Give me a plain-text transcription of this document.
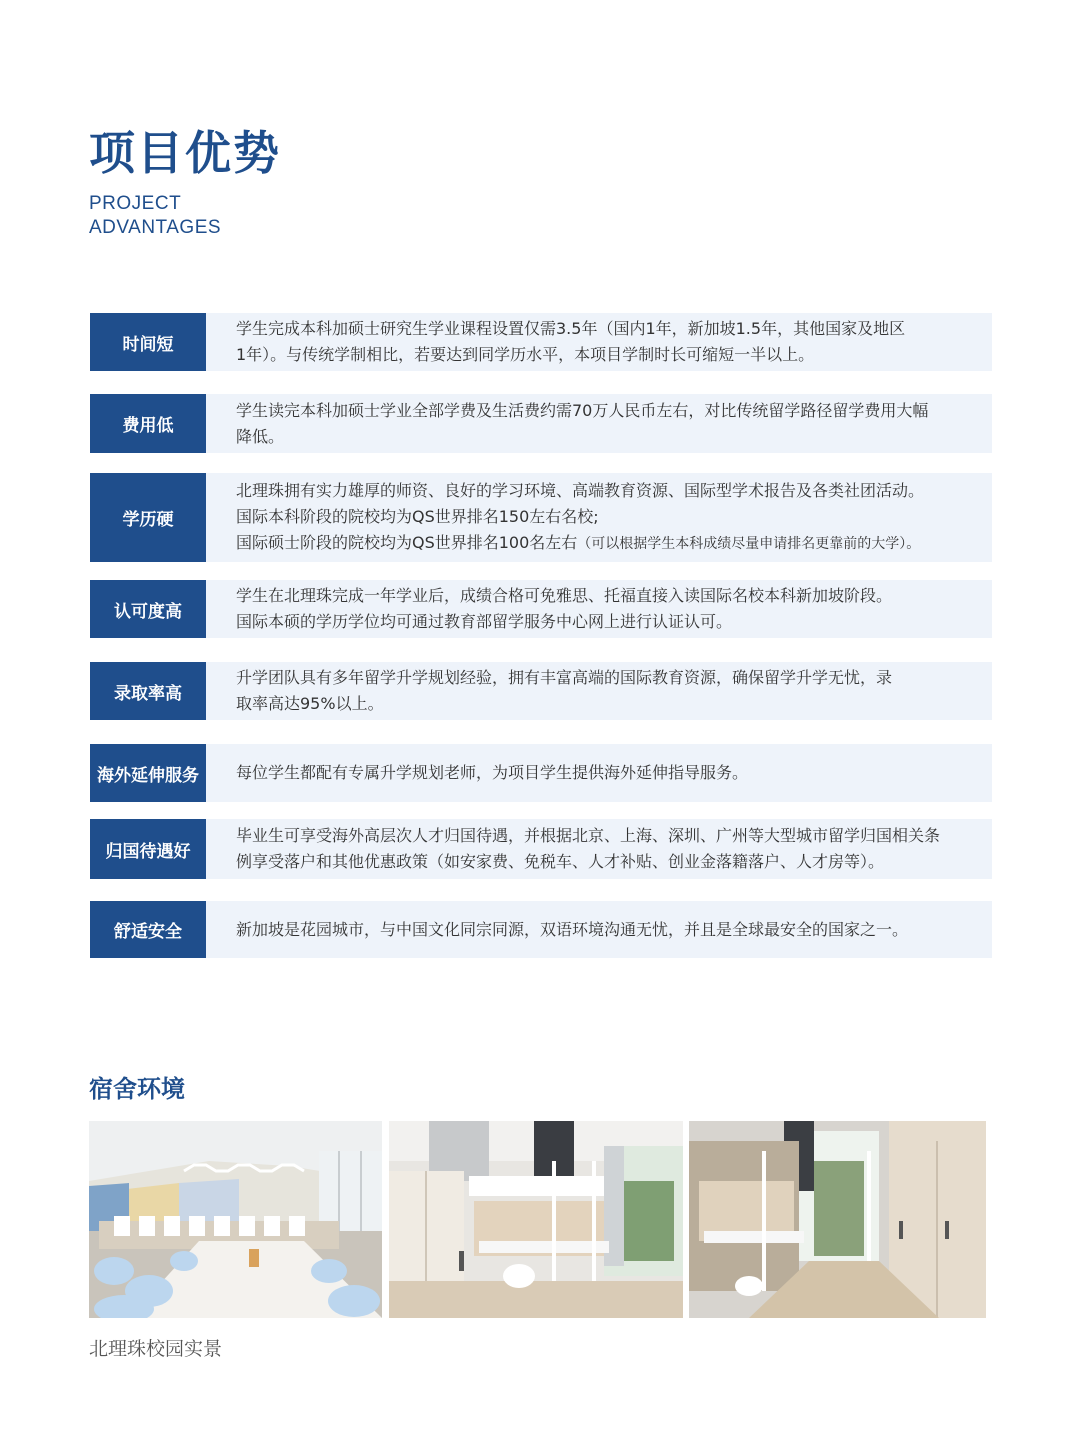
项目优势
PROJECT
ADVANTAGES
时间短
学生完成本科加硕士研究生学业课程设置仅需3.5年（国内1年，新加坡1.5年，其他国家及地区
1年）。与传统学制相比，若要达到同学历水平，本项目学制时长可缩短一半以上。
费用低
学生读完本科加硕士学业全部学费及生活费约需70万人民币左右，对比传统留学路径留学费用大幅
降低。
学历硬
北理珠拥有实力雄厚的师资、良好的学习环境、高端教育资源、国际型学术报告及各类社团活动。
国际本科阶段的院校均为QS世界排名150左右名校;
国际硕士阶段的院校均为QS世界排名100名左右（可以根据学生本科成绩尽量申请排名更靠前的大学）。
认可度高
学生在北理珠完成一年学业后，成绩合格可免雅思、托福直接入读国际名校本科新加坡阶段。
国际本硕的学历学位均可通过教育部留学服务中心网上进行认证认可。
录取率高
升学团队具有多年留学升学规划经验，拥有丰富高端的国际教育资源，确保留学升学无忧，录
取率高达95%以上。
海外延伸服务	每位学生都配有专属升学规划老师，为项目学生提供海外延伸指导服务。
归国待遇好
毕业生可享受海外高层次人才归国待遇，并根据北京、上海、深圳、广州等大型城市留学归国相关条
例享受落户和其他优惠政策（如安家费、免税车、人才补贴、创业金落籍落户、人才房等）。
舒适安全	新加坡是花园城市，与中国文化同宗同源，双语环境沟通无忧，并且是全球最安全的国家之一。
宿舍环境
北理珠校园实景
